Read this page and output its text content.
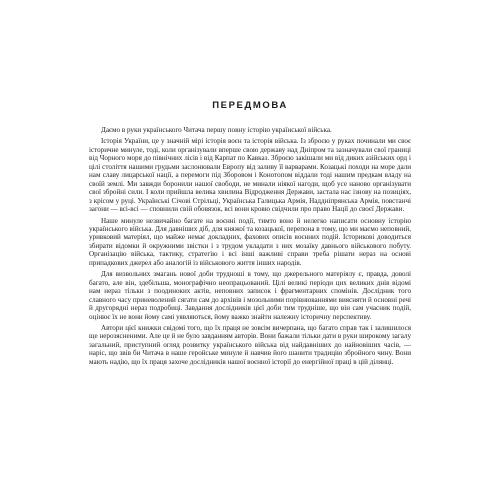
ПЕРЕДМОВА

Даємо в руки українського Читача першу повну історію української війська.

Історія України, це у значній мірі історія воєн та історія війська. Із зброєю у руках починали ми своє історичне минуле, тоді, коли організували вперше свою державу над Дніпром та зазначували свої границі від Чорного моря до північних лісів і від Карпат по Кавказ. Зброєю закішали ми від диких азійських орд і цілі століття нашими грудьми заслонювали Европу від заливу її варварами. Козацькі походи на море дали нам славу лицарської нації, а перемоги під Зборовом і Конотопом віддали тоді нашим предкам владу на своїй землі. Ми завжди боронили нашої свободи, не минали ніякої нагоди, щоб усе наново організувати свої збройні сили. І коли прийшла велика хвилина Відродження Держави, застала нас ізнову на позиціях, з крісом у руці. Українські Січові Стрільці, Українська Галицька Армія, Наддніпрянська Армія, повстанчі загони — всі-всі — сповнили свій обовязок, всі вони кровю свідчили про право Нації до своєї Держави.

Наше минуле незвичайно багате на воєнні події, тимто воно й нелегко написати основну історію українського війська. Для давніших діб, для княжої та козацької, перепона в тому, що ми маємо неповний, уривковий матеріял, що майже немає докладних, фахових описів воєнних подій. Історикові доводиться збирати відомки й окружними звістки і з трудом укладати з них мозаїку давнього військового побуту. Організацію війська, тактику, стратегію і всі інші важливі справи треба рішати нераз на основі припадкових джерел або аналогій із військового життя інших народів.

Для визвольних змагань нової доби трудноші в тому, що джерельного матеріялу є, правда, доволі багато, але він, здебільша, монографічно неопрацьований. Цілі великі періоди цих великих днів відомі нам нераз тільки з поодиноких актів, неповних записок і фрагментарних спомінів. Дослідник того славного часу приневолений сягати сам до архівів і мозольними порівнюваннями виясняти й основні речі й другорядні нераз подробиці. Завдання дослідників цієї доби тим трудніше, що він сам учасник подій, оцінює їх не вони йому самі уявляються, йому важко знайти належну історичну перспективу.

Автори цієї книжки свідомі того, що їх праця не зовсім вичерпана, що багато справ так і залишилося ще нерозясненими. Але це й не було завданням авторів. Вони бажали тільки дати в руки широкому загалу загальний, приступний огляд розвитку українського війська від найдавніших до найновіших часів, — наріс, що звів би Читача в наше геройське минуле й навчив його шанити традицію збройного чину. Вони мають надію, що їх праця захоче дослідників нашої воєнної історії до енергійної праці в цій ділянці.
